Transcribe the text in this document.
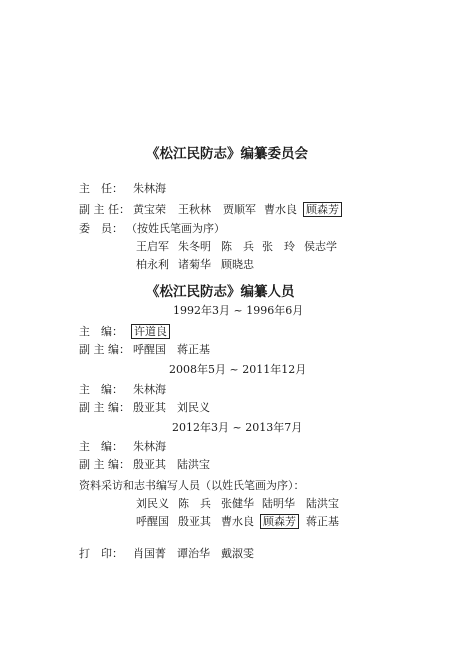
《松江民防志》编纂委员会
主　任： 朱林海
副 主 任： 黄宝荣 王秋林 贾顺军 曹水良 顾森芳
委　员： （按姓氏笔画为序）
王启军 朱冬明 陈　兵 张　玲 侯志学
柏永利 诸菊华 顾晓忠
《松江民防志》编纂人员
1992年3月 ~ 1996年6月
主　编： 许道良
副 主 编： 呼醒国　蒋正基
2008年5月 ~ 2011年12月
主　编： 朱林海
副 主 编： 殷亚其　刘民义
2012年3月 ~ 2013年7月
主　编： 朱林海
副 主 编： 殷亚其　陆洪宝
资料采访和志书编写人员（以姓氏笔画为序）：
刘民义 陈　兵 张健华 陆明华 陆洪宝
呼醒国 殷亚其 曹水良 顾森芳 蒋正基
打　印： 肖国菁　谭治华　戴淑雯
